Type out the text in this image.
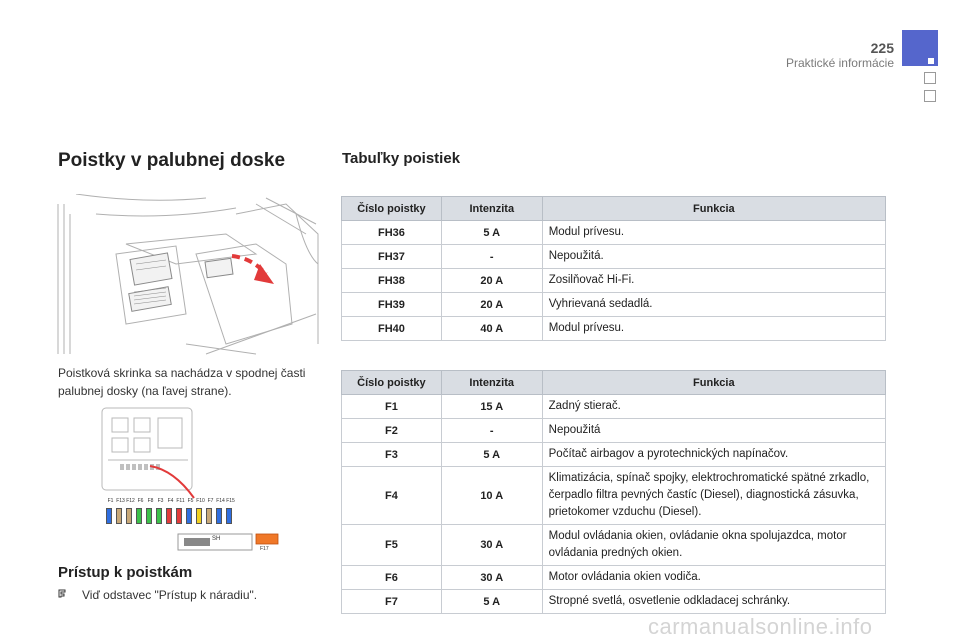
225
Praktické informácie
Poistky v palubnej doske	Tabuľky poistiek

Poistková skrinka sa nachádza v spodnej časti palubnej dosky (na ľavej strane).

F1 F13 F12 F6 F8 F3 F4 F11 F5 F10 F7 F14 F15
SH
F17
Prístup k poistkám
Viď odstavec "Prístup k náradiu".
Číslo poistky	Intenzita	Funkcia
FH36	5 A	Modul prívesu.
FH37	-	Nepoužitá.
FH38	20 A	Zosilňovač Hi-Fi.
FH39	20 A	Vyhrievaná sedadlá.
FH40	40 A	Modul prívesu.
Číslo poistky	Intenzita	Funkcia
F1	15 A	Zadný stierač.
F2	-	Nepoužitá
F3	5 A	Počítač airbagov a pyrotechnických napínačov.
F4	10 A	Klimatizácia, spínač spojky, elektrochromatické spätné zrkadlo, čerpadlo filtra pevných častíc (Diesel), diagnostická zásuvka, prietokomer vzduchu (Diesel).
F5	30 A	Modul ovládania okien, ovládanie okna spolujazdca, motor ovládania predných okien.
F6	30 A	Motor ovládania okien vodiča.
F7	5 A	Stropné svetlá, osvetlenie odkladacej schránky.
carmanualsonline.info
